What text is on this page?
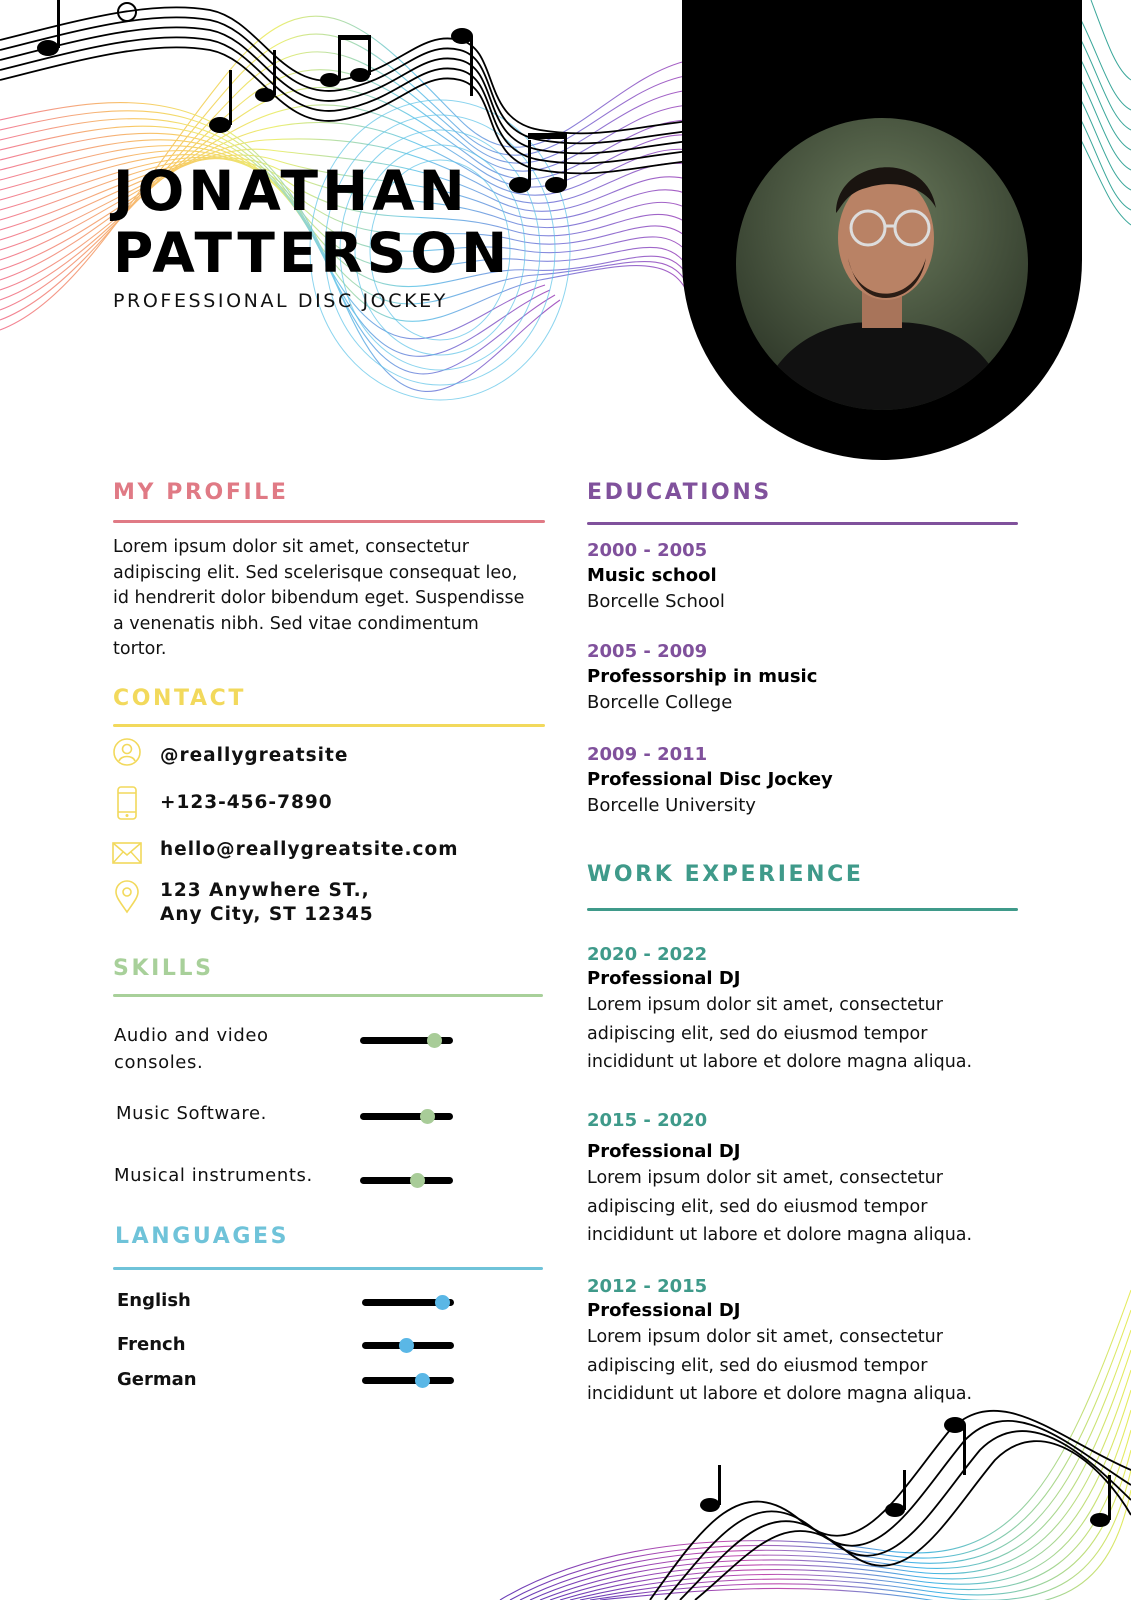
JONATHAN
PATTERSON
PROFESSIONAL DISC JOCKEY
MY PROFILE
Lorem ipsum dolor sit amet, consectetur adipiscing elit. Sed scelerisque consequat leo, id hendrerit dolor bibendum eget. Suspendisse a venenatis nibh. Sed vitae condimentum tortor.
CONTACT
@reallygreatsite
+123-456-7890
hello@reallygreatsite.com
123 Anywhere ST.,
Any City, ST 12345
SKILLS
Audio and video consoles.
Music Software.
Musical instruments.
LANGUAGES
English
French
German
EDUCATIONS
2000 - 2005
Music school
Borcelle School
2005 - 2009
Professorship in music
Borcelle College
2009 - 2011
Professional Disc Jockey
Borcelle University
WORK EXPERIENCE
2020 - 2022
Professional DJ
Lorem ipsum dolor sit amet, consectetur adipiscing elit, sed do eiusmod tempor incididunt ut labore et dolore magna aliqua.
2015 - 2020
Professional DJ
Lorem ipsum dolor sit amet, consectetur adipiscing elit, sed do eiusmod tempor incididunt ut labore et dolore magna aliqua.
2012 - 2015
Professional DJ
Lorem ipsum dolor sit amet, consectetur adipiscing elit, sed do eiusmod tempor incididunt ut labore et dolore magna aliqua.
